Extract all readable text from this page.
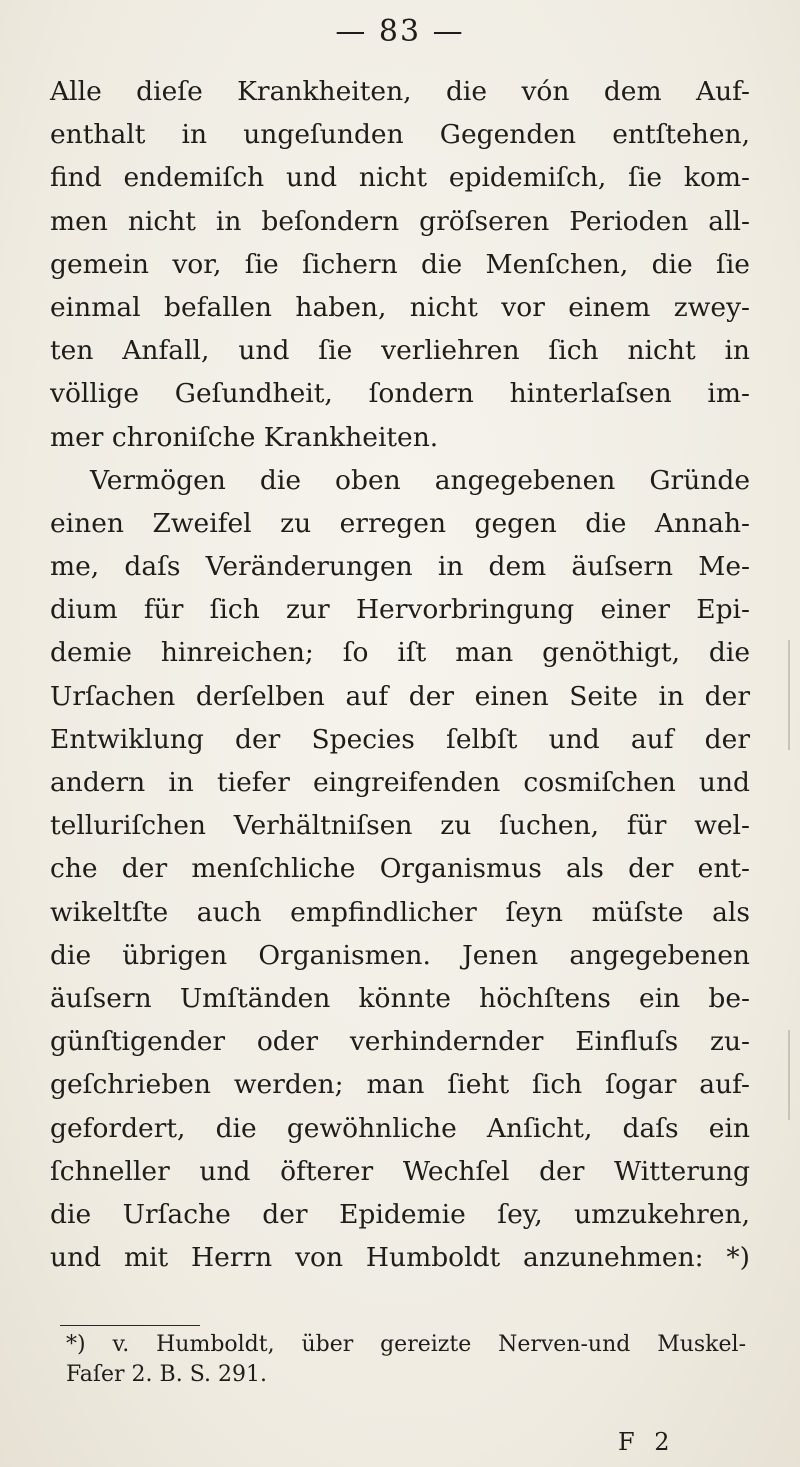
— 83 —
Alle dieſe Krankheiten, die vón dem Auf-
enthalt in ungeſunden Gegenden entſtehen,
find endemiſch und nicht epidemiſch, ſie kom-
men nicht in beſondern gröſseren Perioden all-
gemein vor, ſie ſichern die Menſchen, die ſie
einmal befallen haben, nicht vor einem zwey-
ten Anfall, und ſie verliehren ſich nicht in
völlige Geſundheit, ſondern hinterlaſsen im-
mer chroniſche Krankheiten.
Vermögen die oben angegebenen Gründe
einen Zweifel zu erregen gegen die Annah-
me, daſs Veränderungen in dem äuſsern Me-
dium für ſich zur Hervorbringung einer Epi-
demie hinreichen; ſo iſt man genöthigt, die
Urſachen derſelben auf der einen Seite in der
Entwiklung der Species ſelbſt und auf der
andern in tiefer eingreifenden cosmiſchen und
telluriſchen Verhältniſsen zu ſuchen, für wel-
che der menſchliche Organismus als der ent-
wikeltſte auch empfindlicher ſeyn müſste als
die übrigen Organismen. Jenen angegebenen
äuſsern Umſtänden könnte höchſtens ein be-
günſtigender oder verhindernder Einfluſs zu-
geſchrieben werden; man ſieht ſich ſogar auf-
gefordert, die gewöhnliche Anſicht, daſs ein
ſchneller und öfterer Wechſel der Witterung
die Urſache der Epidemie ſey, umzukehren,
und mit Herrn von Humboldt anzunehmen: *)
*) v. Humboldt, über gereizte Nerven-und Muskel-
Faſer 2. B. S. 291.
F 2
